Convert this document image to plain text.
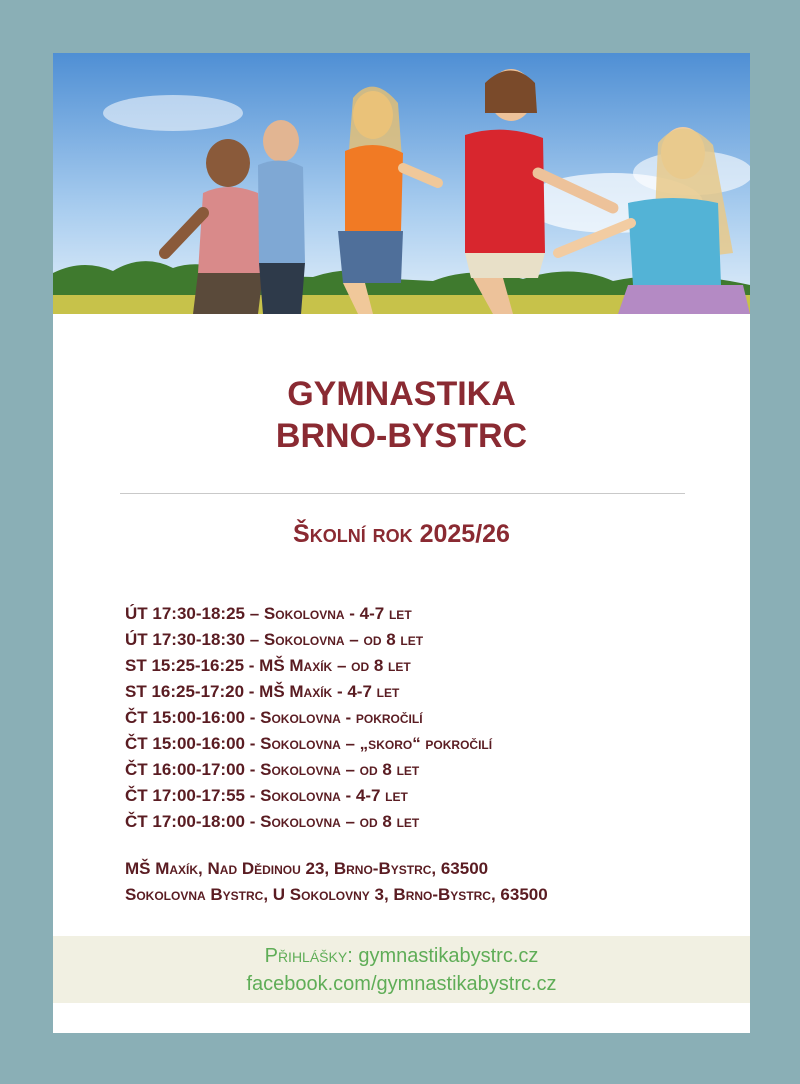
GYMNASTIKA
BRNO-BYSTRC
Školní rok 2025/26
ÚT 17:30-18:25 – Sokolovna - 4-7 let
ÚT 17:30-18:30 – Sokolovna – od 8 let
ST 15:25-16:25 - MŠ Maxík – od 8 let
ST 16:25-17:20 - MŠ Maxík - 4-7 let
ČT 15:00-16:00 - Sokolovna - pokročilí
ČT 15:00-16:00 - Sokolovna – „skoro“ pokročilí
ČT 16:00-17:00 - Sokolovna – od 8 let
ČT 17:00-17:55 - Sokolovna - 4-7 let
ČT 17:00-18:00 - Sokolovna – od 8 let
MŠ Maxík, Nad Dědinou 23, Brno-Bystrc, 63500
Sokolovna Bystrc, U Sokolovny 3, Brno-Bystrc, 63500
Přihlášky: gymnastikabystrc.cz
facebook.com/gymnastikabystrc.cz
